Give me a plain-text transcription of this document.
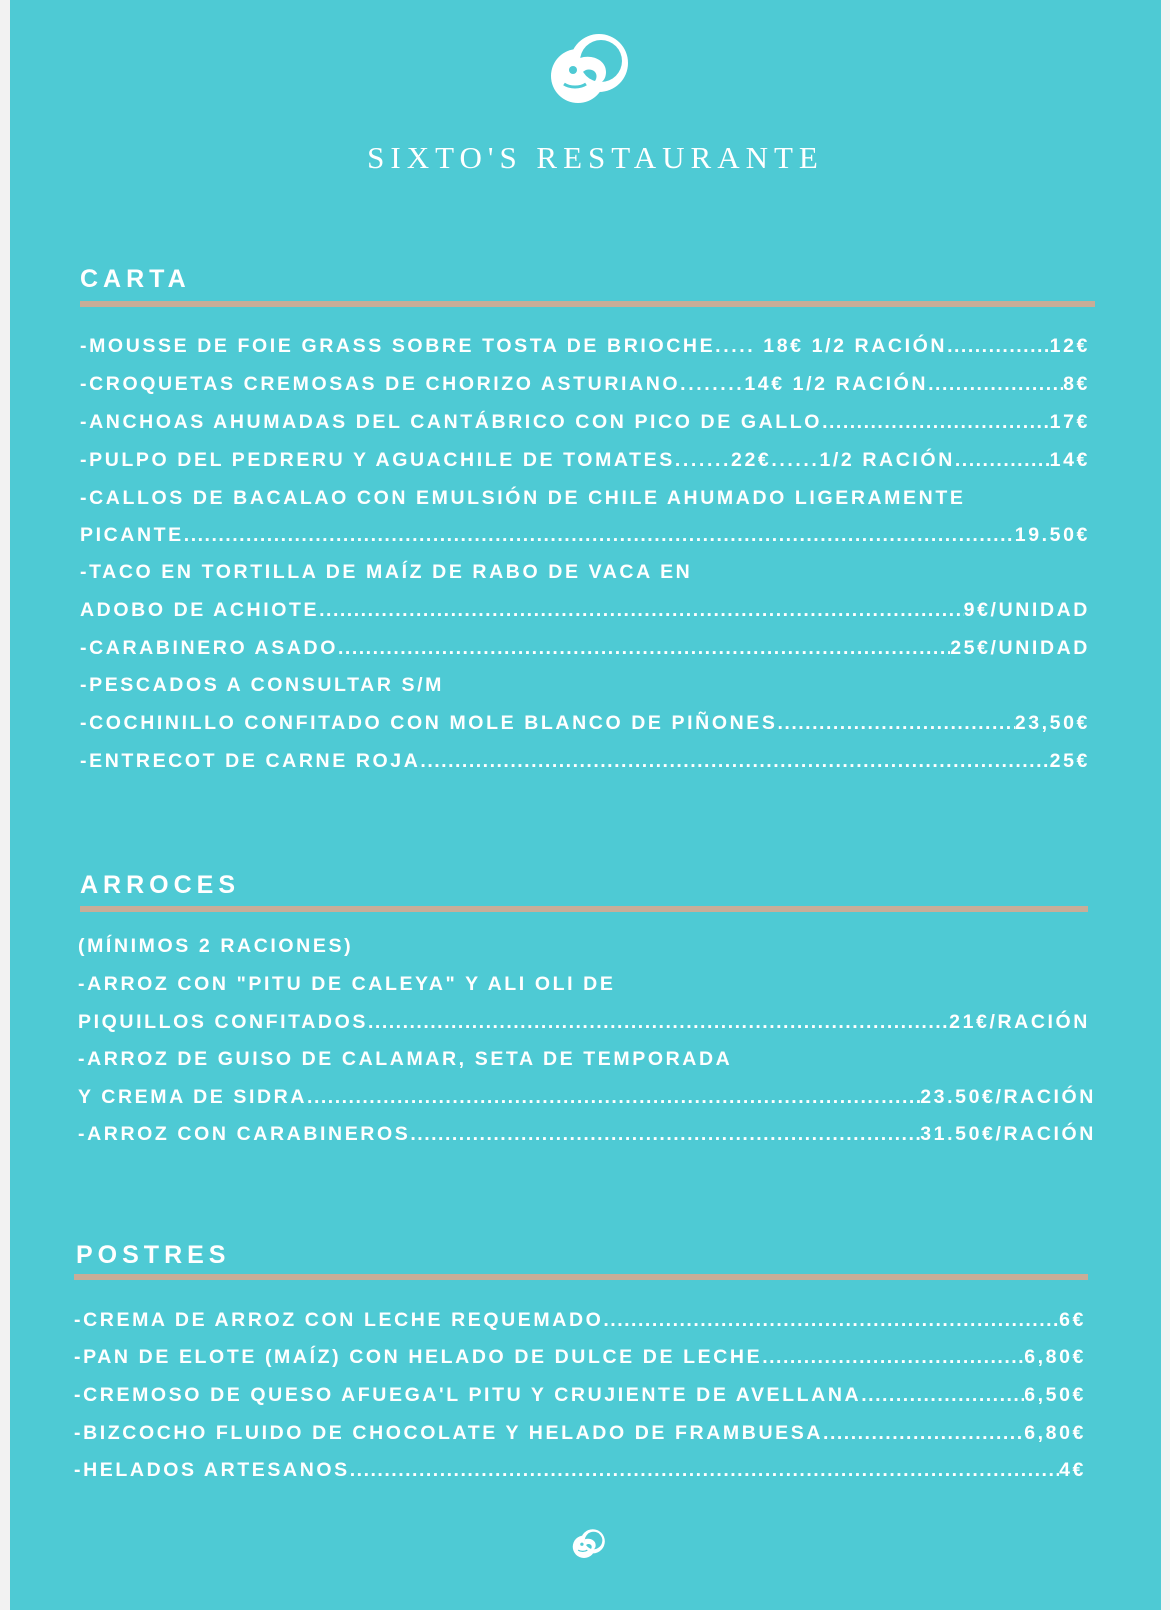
SIXTO'S RESTAURANTE
CARTA
-MOUSSE DE FOIE GRASS SOBRE TOSTA DE BRIOCHE..... 18€ 1/2 RACIÓN .....	12€
-CROQUETAS CREMOSAS DE CHORIZO ASTURIANO........14€ 1/2 RACIÓN .....	8€
-ANCHOAS AHUMADAS DEL CANTÁBRICO CON PICO DE GALLO .....	17€
-PULPO DEL PEDRERU Y AGUACHILE DE TOMATES.......22€......1/2 RACIÓN .....	14€
-CALLOS DE BACALAO CON EMULSIÓN DE CHILE AHUMADO LIGERAMENTE
PICANTE .....	19.50€
-TACO EN TORTILLA DE MAÍZ DE RABO DE VACA EN
ADOBO DE ACHIOTE .....	9€/UNIDAD
-CARABINERO ASADO .....	25€/UNIDAD
-PESCADOS A CONSULTAR S/M
-COCHINILLO CONFITADO CON MOLE BLANCO DE PIÑONES .....	23,50€
-ENTRECOT DE CARNE ROJA .....	25€
ARROCES
(MÍNIMOS 2 RACIONES)
-ARROZ CON "PITU DE CALEYA" Y ALI OLI DE
PIQUILLOS CONFITADOS .....	21€/RACIÓN
-ARROZ DE GUISO DE CALAMAR, SETA DE TEMPORADA
Y CREMA DE SIDRA .....	23.50€/RACIÓN
-ARROZ CON CARABINEROS .....	31.50€/RACIÓN
POSTRES
-CREMA DE ARROZ CON LECHE REQUEMADO .....	6€
-PAN DE ELOTE (MAÍZ) CON HELADO DE DULCE DE LECHE .....	6,80€
-CREMOSO DE QUESO AFUEGA'L PITU Y CRUJIENTE DE AVELLANA .....	6,50€
-BIZCOCHO FLUIDO DE CHOCOLATE Y HELADO DE FRAMBUESA .....	6,80€
-HELADOS ARTESANOS .....	4€
